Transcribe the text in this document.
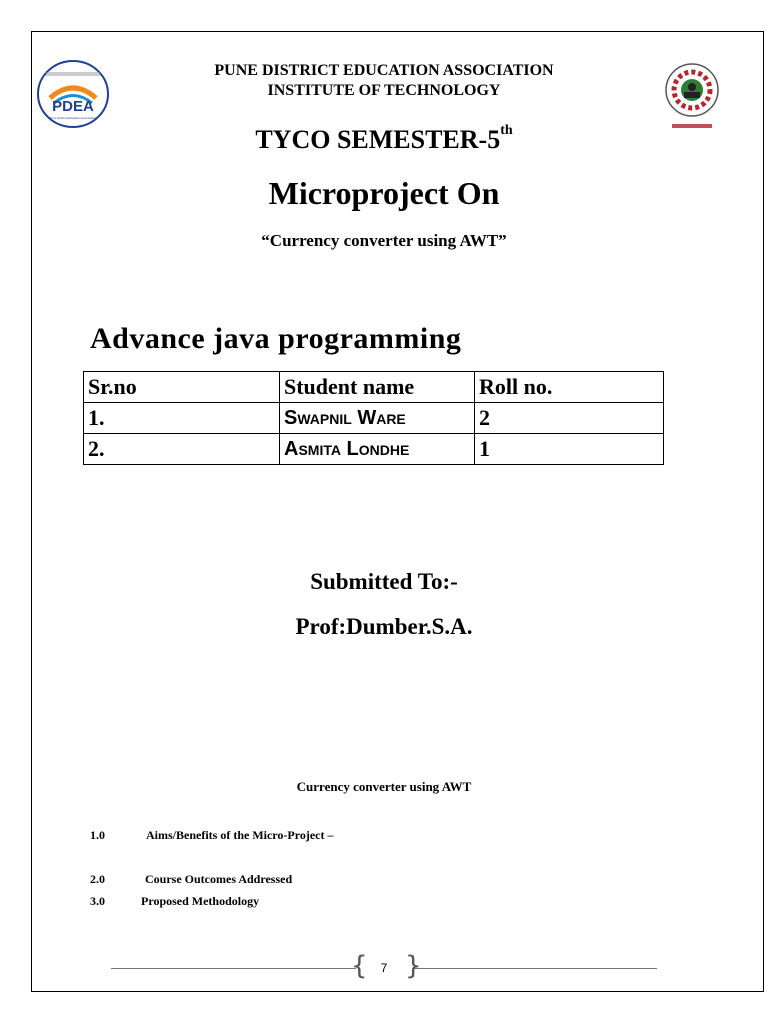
PDEA
Pune District Education Association
PUNE DISTRICT EDUCATION ASSOCIATION
INSTITUTE OF TECHNOLOGY
TYCO SEMESTER-5th
Microproject On
“Currency converter using AWT”
Advance java programming
Sr.no	Student name	Roll no.
1.	Swapnil Ware	2
2.	Asmita Londhe	1
Submitted To:-
Prof:Dumber.S.A.
Currency converter using AWT
1.0	Aims/Benefits of the Micro-Project –
2.0	Course Outcomes Addressed
3.0	Proposed Methodology
{ }
7
